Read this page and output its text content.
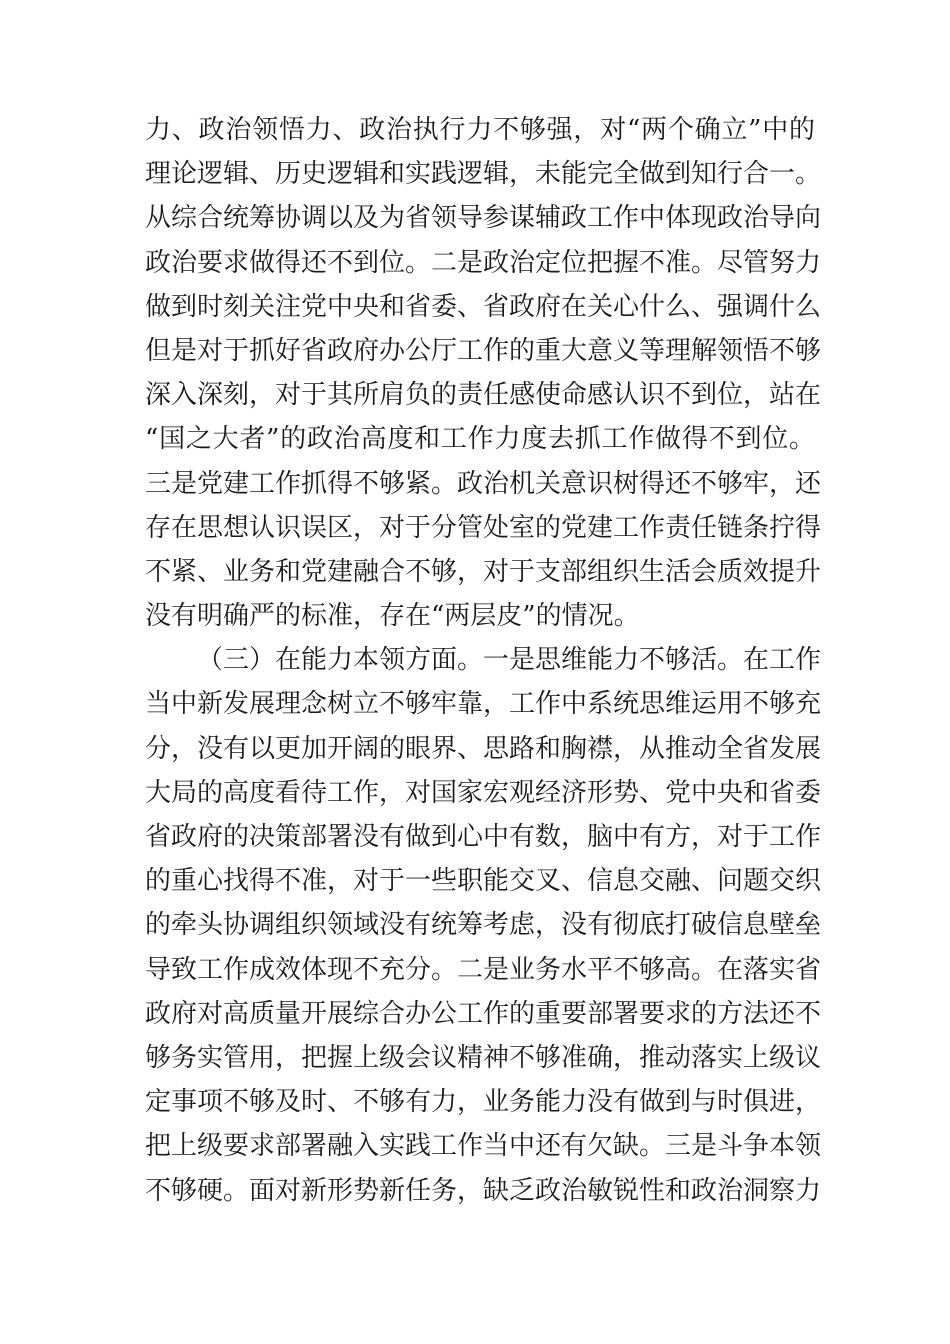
力、政治领悟力、政治执行力不够强，对“两个确立”中的
理论逻辑、历史逻辑和实践逻辑，未能完全做到知行合一。
从综合统筹协调以及为省领导参谋辅政工作中体现政治导向
政治要求做得还不到位。二是政治定位把握不准。尽管努力
做到时刻关注党中央和省委、省政府在关心什么、强调什么
但是对于抓好省政府办公厅工作的重大意义等理解领悟不够
深入深刻，对于其所肩负的责任感使命感认识不到位，站在
“国之大者”的政治高度和工作力度去抓工作做得不到位。
三是党建工作抓得不够紧。政治机关意识树得还不够牢，还
存在思想认识误区，对于分管处室的党建工作责任链条拧得
不紧、业务和党建融合不够，对于支部组织生活会质效提升
没有明确严的标准，存在“两层皮”的情况。
（三）在能力本领方面。一是思维能力不够活。在工作
当中新发展理念树立不够牢靠，工作中系统思维运用不够充
分，没有以更加开阔的眼界、思路和胸襟，从推动全省发展
大局的高度看待工作，对国家宏观经济形势、党中央和省委
省政府的决策部署没有做到心中有数，脑中有方，对于工作
的重心找得不准，对于一些职能交叉、信息交融、问题交织
的牵头协调组织领域没有统筹考虑，没有彻底打破信息壁垒
导致工作成效体现不充分。二是业务水平不够高。在落实省
政府对高质量开展综合办公工作的重要部署要求的方法还不
够务实管用，把握上级会议精神不够准确，推动落实上级议
定事项不够及时、不够有力，业务能力没有做到与时俱进，
把上级要求部署融入实践工作当中还有欠缺。三是斗争本领
不够硬。面对新形势新任务，缺乏政治敏锐性和政治洞察力
